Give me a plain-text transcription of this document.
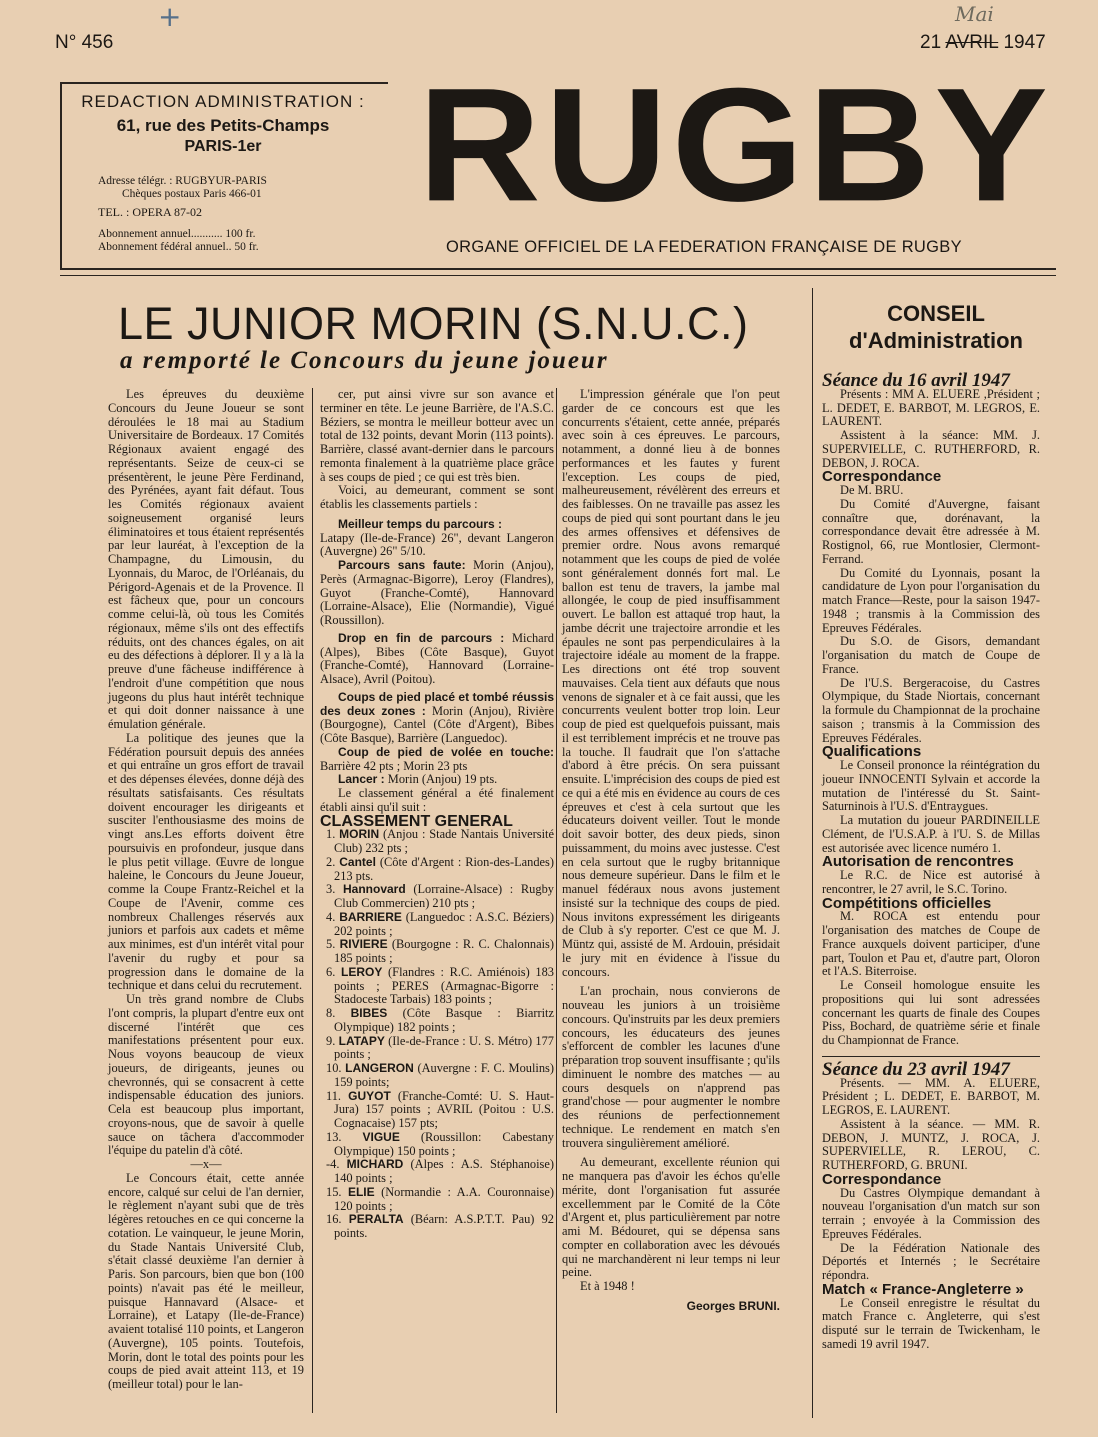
+
N° 456
Mai
21 AVRIL 1947
REDACTION ADMINISTRATION :
61, rue des Petits-Champs
PARIS-1er
Adresse télégr. : RUGBYUR-PARIS
Chèques postaux Paris 466-01
TEL. : OPERA 87-02
Abonnement annuel........... 100 fr.
Abonnement fédéral annuel.. 50 fr.
RUGBY
ORGANE OFFICIEL DE LA FEDERATION FRANÇAISE DE RUGBY
LE JUNIOR MORIN (S.N.U.C.)
a remporté le Concours du jeune joueur

Les épreuves du deuxième Concours du Jeune Joueur se sont déroulées le 18 mai au Stadium Universitaire de Bordeaux. 17 Comités Régionaux avaient engagé des représentants. Seize de ceux-ci se présentèrent, le jeune Père Ferdinand, des Pyrénées, ayant fait défaut. Tous les Comités régionaux avaient soigneusement organisé leurs éliminatoires et tous étaient représentés par leur lauréat, à l'exception de la Champagne, du Limousin, du Lyonnais, du Maroc, de l'Orléanais, du Périgord-Agenais et de la Provence. Il est fâcheux que, pour un concours comme celui-là, où tous les Comités régionaux, même s'ils ont des effectifs réduits, ont des chances égales, on ait eu des défections à déplorer. Il y a là la preuve d'une fâcheuse indifférence à l'endroit d'une compétition que nous jugeons du plus haut intérêt technique et qui doit donner naissance à une émulation générale.

La politique des jeunes que la Fédération poursuit depuis des années et qui entraîne un gros effort de travail et des dépenses élevées, donne déjà des résultats satisfaisants. Ces résultats doivent encourager les dirigeants et susciter l'enthousiasme des moins de vingt ans.Les efforts doivent être poursuivis en profondeur, jusque dans le plus petit village. Œuvre de longue haleine, le Concours du Jeune Joueur, comme la Coupe Frantz-Reichel et la Coupe de l'Avenir, comme ces nombreux Challenges réservés aux juniors et parfois aux cadets et même aux minimes, est d'un intérêt vital pour l'avenir du rugby et pour sa progression dans le domaine de la technique et dans celui du recrutement.

Un très grand nombre de Clubs l'ont compris, la plupart d'entre eux ont discerné l'intérêt que ces manifestations présentent pour eux. Nous voyons beaucoup de vieux joueurs, de dirigeants, jeunes ou chevronnés, qui se consacrent à cette indispensable éducation des juniors. Cela est beaucoup plus important, croyons-nous, que de savoir à quelle sauce on tâchera d'accommoder l'équipe du patelin d'à côté.

—x—

Le Concours était, cette année encore, calqué sur celui de l'an dernier, le règlement n'ayant subi que de très légères retouches en ce qui concerne la cotation. Le vainqueur, le jeune Morin, du Stade Nantais Université Club, s'était classé deuxième l'an dernier à Paris. Son parcours, bien que bon (100 points) n'avait pas été le meilleur, puisque Hannavard (Alsace- et Lorraine), et Latapy (Ile-de-France) avaient totalisé 110 points, et Langeron (Auvergne), 105 points. Toutefois, Morin, dont le total des points pour les coups de pied avait atteint 113, et 19 (meilleur total) pour le lan-

cer, put ainsi vivre sur son avance et terminer en tête. Le jeune Barrière, de l'A.S.C. Béziers, se montra le meilleur botteur avec un total de 132 points, devant Morin (113 points). Barrière, classé avant-dernier dans le parcours remonta finalement à la quatrième place grâce à ses coups de pied ; ce qui est très bien.

Voici, au demeurant, comment se sont établis les classements partiels :

Meilleur temps du parcours :
Latapy (Ile-de-France) 26", devant Langeron (Auvergne) 26" 5/10.

Parcours sans faute: Morin (Anjou), Perès (Armagnac-Bigorre), Leroy (Flandres), Guyot (Franche-Comté), Hannovard (Lorraine-Alsace), Elie (Normandie), Vigué (Roussillon).

Drop en fin de parcours : Michard (Alpes), Bibes (Côte Basque), Guyot (Franche-Comté), Hannovard (Lorraine-Alsace), Avril (Poitou).

Coups de pied placé et tombé réussis des deux zones : Morin (Anjou), Rivière (Bourgogne), Cantel (Côte d'Argent), Bibes (Côte Basque), Barrière (Languedoc).

Coup de pied de volée en touche: Barrière 42 pts ; Morin 23 pts

Lancer : Morin (Anjou) 19 pts.

Le classement général a été finalement établi ainsi qu'il suit :

CLASSEMENT GENERAL

1. MORIN (Anjou : Stade Nantais Université Club) 232 pts ;

2. Cantel (Côte d'Argent : Rion-des-Landes) 213 pts.

3. Hannovard (Lorraine-Alsace) : Rugby Club Commercien) 210 pts ;

4. BARRIERE (Languedoc : A.S.C. Béziers) 202 points ;

5. RIVIERE (Bourgogne : R. C. Chalonnais) 185 points ;

6. LEROY (Flandres : R.C. Amiénois) 183 points ; PERES (Armagnac-Bigorre : Stadoceste Tarbais) 183 points ;

8. BIBES (Côte Basque : Biarritz Olympique) 182 points ;

9. LATAPY (Ile-de-France : U. S. Métro) 177 points ;

10. LANGERON (Auvergne : F. C. Moulins) 159 points;

11. GUYOT (Franche-Comté: U. S. Haut-Jura) 157 points ; AVRIL (Poitou : U.S. Cognacaise) 157 pts;

13. VIGUE (Roussillon: Cabestany Olympique) 150 points ;

-4. MICHARD (Alpes : A.S. Stéphanoise) 140 points ;

15. ELIE (Normandie : A.A. Couronnaise) 120 points ;

16. PERALTA (Béarn: A.S.P.T.T. Pau) 92 points.

L'impression générale que l'on peut garder de ce concours est que les concurrents s'étaient, cette année, préparés avec soin à ces épreuves. Le parcours, notamment, a donné lieu à de bonnes performances et les fautes y furent l'exception. Les coups de pied, malheureusement, révélèrent des erreurs et des faiblesses. On ne travaille pas assez les coups de pied qui sont pourtant dans le jeu des armes offensives et défensives de premier ordre. Nous avons remarqué notamment que les coups de pied de volée sont généralement donnés fort mal. Le ballon est tenu de travers, la jambe mal allongée, le coup de pied insuffisamment ouvert. Le ballon est attaqué trop haut, la jambe décrit une trajectoire arrondie et les épaules ne sont pas perpendiculaires à la trajectoire idéale au moment de la frappe. Les directions ont été trop souvent mauvaises. Cela tient aux défauts que nous venons de signaler et à ce fait aussi, que les concurrents veulent botter trop loin. Leur coup de pied est quelquefois puissant, mais il est terriblement imprécis et ne trouve pas la touche. Il faudrait que l'on s'attache d'abord à être précis. On sera puissant ensuite. L'imprécision des coups de pied est ce qui a été mis en évidence au cours de ces épreuves et c'est à cela surtout que les éducateurs doivent veiller. Tout le monde doit savoir botter, des deux pieds, sinon puissamment, du moins avec justesse. C'est en cela surtout que le rugby britannique nous demeure supérieur. Dans le film et le manuel fédéraux nous avons justement insisté sur la technique des coups de pied. Nous invitons expressément les dirigeants de Club à s'y reporter. C'est ce que M. J. Müntz qui, assisté de M. Ardouin, présidait le jury mit en évidence à l'issue du concours.

L'an prochain, nous convierons de nouveau les juniors à un troisième concours. Qu'instruits par les deux premiers concours, les éducateurs des jeunes s'efforcent de combler les lacunes d'une préparation trop souvent insuffisante ; qu'ils diminuent le nombre des matches — au cours desquels on n'apprend pas grand'chose — pour augmenter le nombre des réunions de perfectionnement technique. Le rendement en match s'en trouvera singulièrement amélioré.

Au demeurant, excellente réunion qui ne manquera pas d'avoir les échos qu'elle mérite, dont l'organisation fut assurée excellemment par le Comité de la Côte d'Argent et, plus particulièrement par notre ami M. Bédouret, qui se dépensa sans compter en collaboration avec les dévoués qui ne marchandèrent ni leur temps ni leur peine.

Et à 1948 !

Georges BRUNI.
CONSEIL
d'Administration
Séance du 16 avril 1947

Présents : MM A. ELUERE ,Président ; L. DEDET, E. BARBOT, M. LEGROS, E. LAURENT.

Assistent à la séance: MM. J. SUPERVIELLE, C. RUTHERFORD, R. DEBON, J. ROCA.

Correspondance

De M. BRU.

Du Comité d'Auvergne, faisant connaître que, dorénavant, la correspondance devait être adressée à M. Rostignol, 66, rue Montlosier, Clermont-Ferrand.

Du Comité du Lyonnais, posant la candidature de Lyon pour l'organisation du match France—Reste, pour la saison 1947-1948 ; transmis à la Commission des Epreuves Fédérales.

Du S.O. de Gisors, demandant l'organisation du match de Coupe de France.

De l'U.S. Bergeracoise, du Castres Olympique, du Stade Niortais, concernant la formule du Championnat de la prochaine saison ; transmis à la Commission des Epreuves Fédérales.

Qualifications

Le Conseil prononce la réintégration du joueur INNOCENTI Sylvain et accorde la mutation de l'intéressé du St. Saint-Saturninois à l'U.S. d'Entraygues.

La mutation du joueur PARDINEILLE Clément, de l'U.S.A.P. à l'U. S. de Millas est autorisée avec licence numéro 1.

Autorisation de rencontres

Le R.C. de Nice est autorisé à rencontrer, le 27 avril, le S.C. Torino.

Compétitions officielles

M. ROCA est entendu pour l'organisation des matches de Coupe de France auxquels doivent participer, d'une part, Toulon et Pau et, d'autre part, Oloron et l'A.S. Biterroise.

Le Conseil homologue ensuite les propositions qui lui sont adressées concernant les quarts de finale des Coupes Piss, Bochard, de quatrième série et finale du Championnat de France.

Séance du 23 avril 1947

Présents. — MM. A. ELUERE, Président ; L. DEDET, E. BARBOT, M. LEGROS, E. LAURENT.

Assistent à la séance. — MM. R. DEBON, J. MUNTZ, J. ROCA, J. SUPERVIELLE, R. LEROU, C. RUTHERFORD, G. BRUNI.

Correspondance

Du Castres Olympique demandant à nouveau l'organisation d'un match sur son terrain ; envoyée à la Commission des Epreuves Fédérales.

De la Fédération Nationale des Déportés et Internés ; le Secrétaire répondra.

Match « France-Angleterre »

Le Conseil enregistre le résultat du match France c. Angleterre, qui s'est disputé sur le terrain de Twickenham, le samedi 19 avril 1947.
